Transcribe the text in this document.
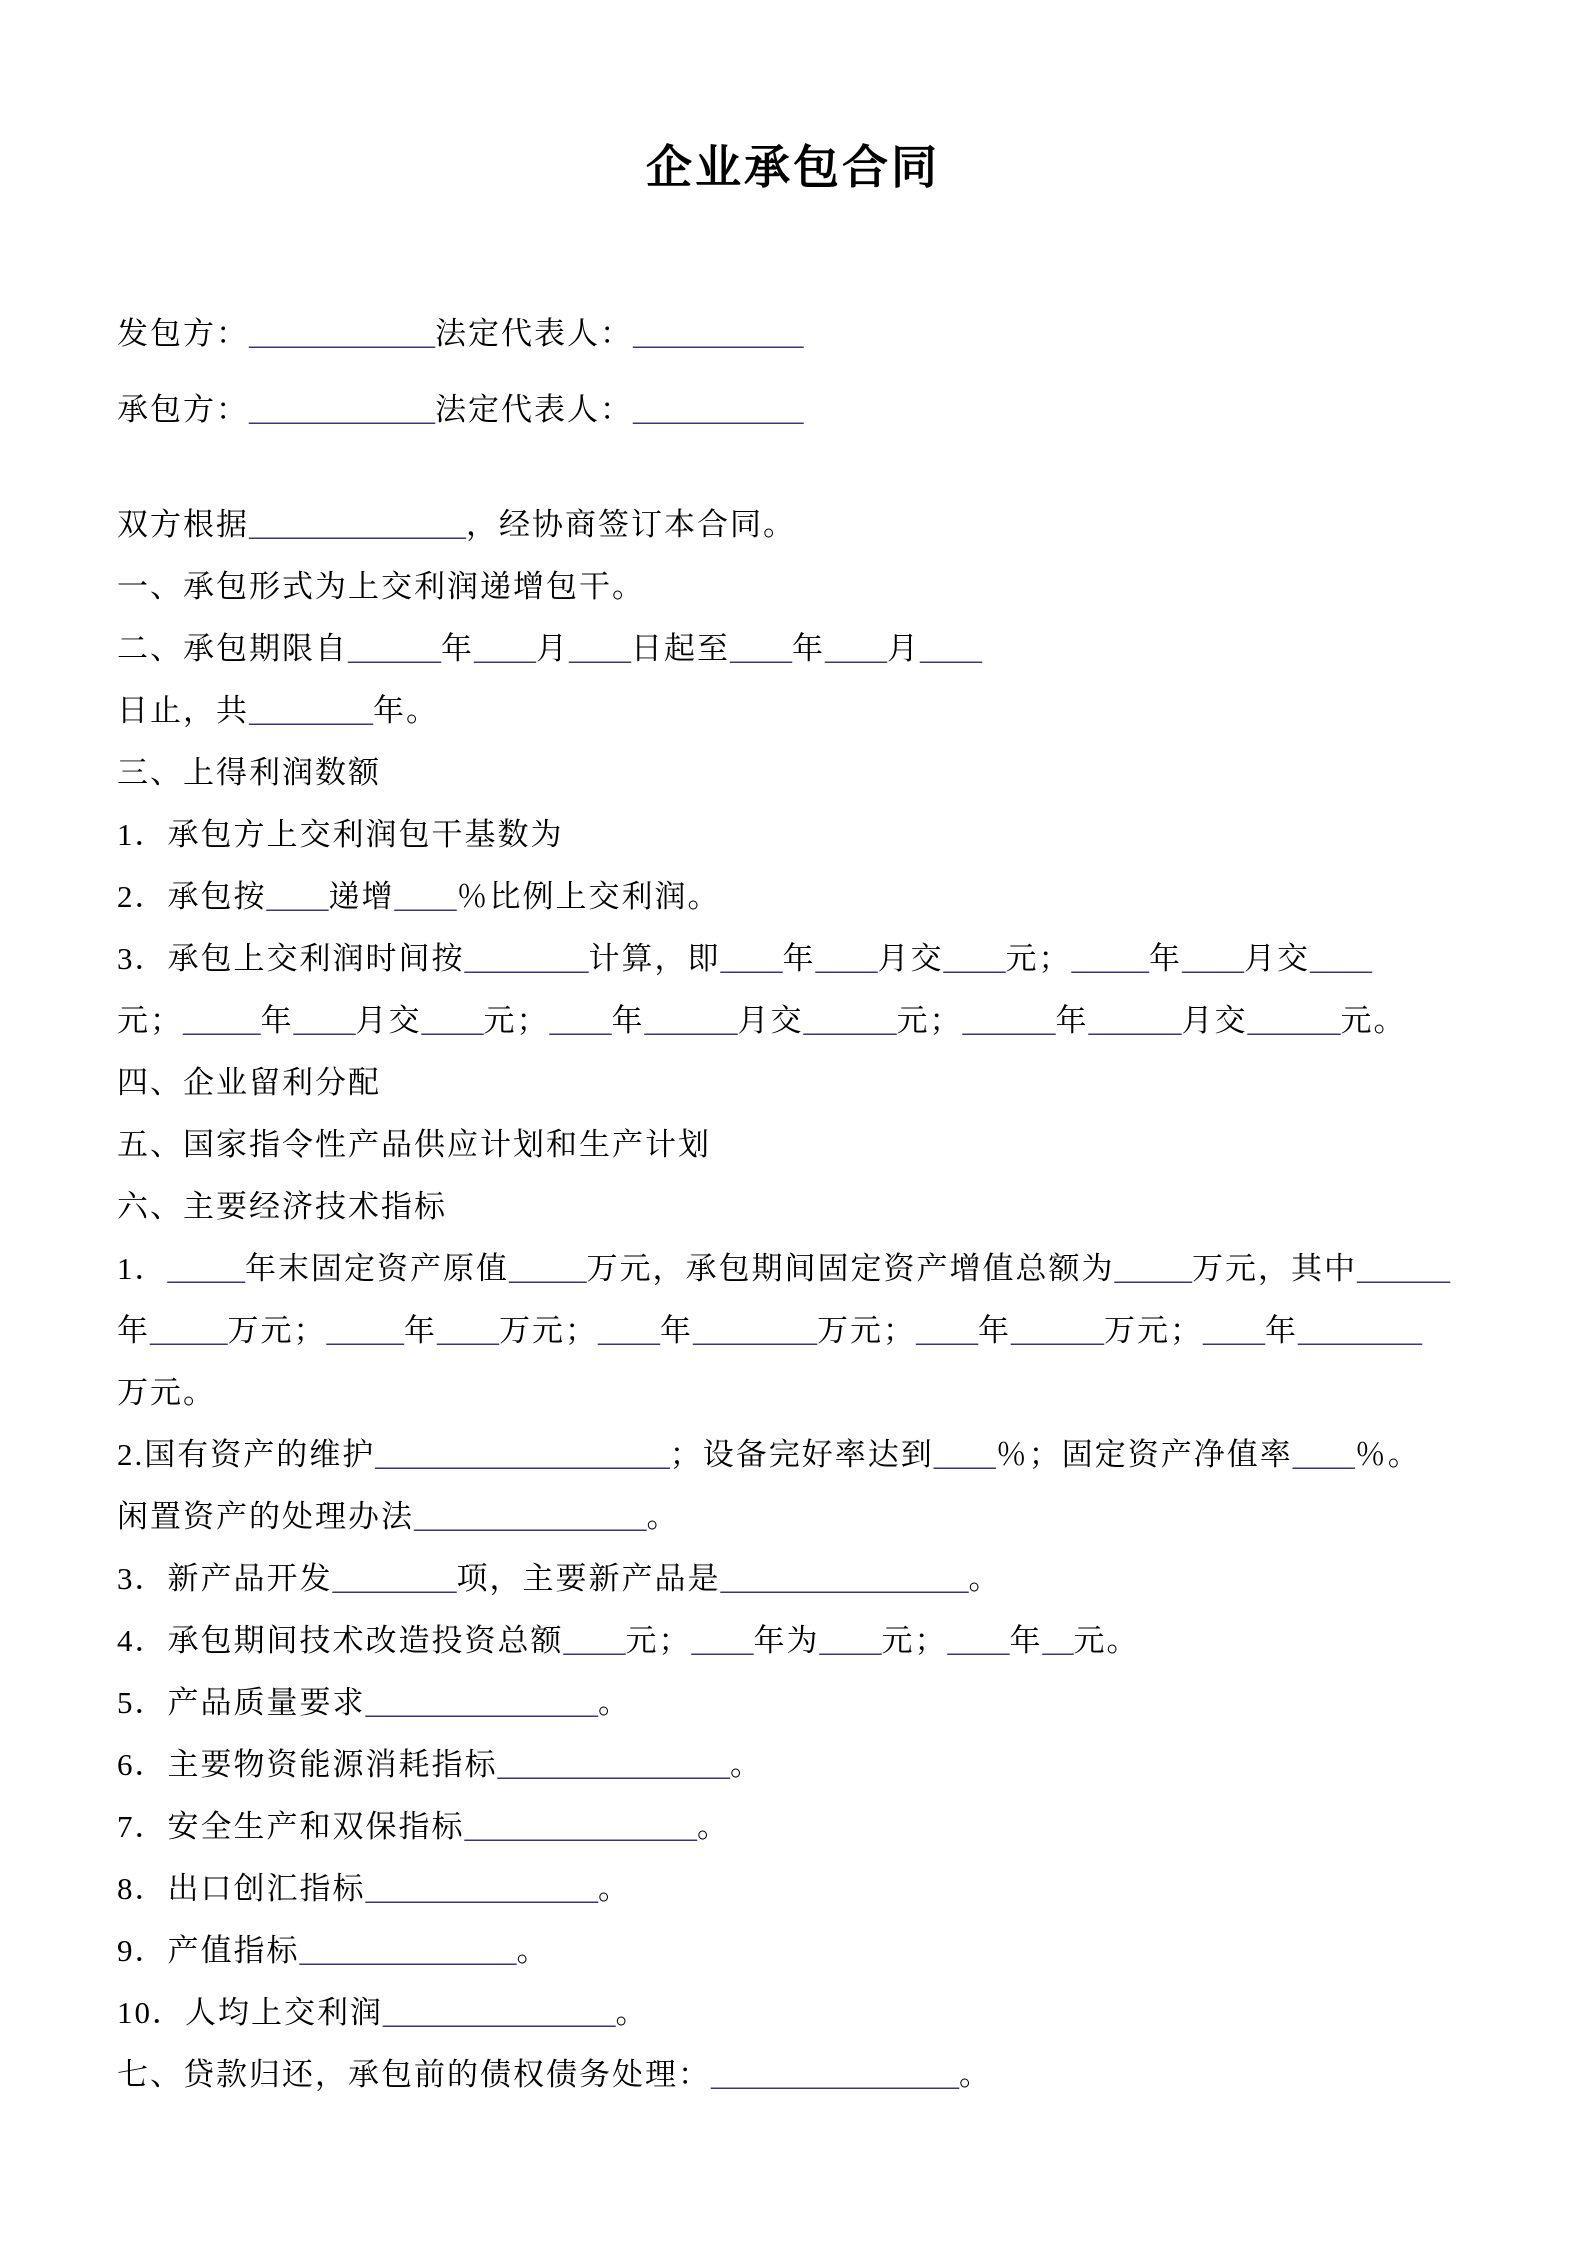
企业承包合同
发包方：____________法定代表人：___________
承包方：____________法定代表人：___________
双方根据______________，经协商签订本合同。
一、承包形式为上交利润递增包干。
二、承包期限自______年____月____日起至____年____月____
日止，共________年。
三、上得利润数额
1．承包方上交利润包干基数为
2．承包按____递增____％比例上交利润。
3．承包上交利润时间按________计算，即____年____月交____元；_____年____月交____
元；_____年____月交____元；____年______月交______元；______年______月交______元。
四、企业留利分配
五、国家指令性产品供应计划和生产计划
六、主要经济技术指标
1．_____年末固定资产原值_____万元，承包期间固定资产增值总额为_____万元，其中______
年_____万元；_____年____万元；____年________万元；____年______万元；____年________
万元。
2.国有资产的维护___________________；设备完好率达到____％；固定资产净值率____％。
闲置资产的处理办法_______________。
3．新产品开发________项，主要新产品是________________。
4．承包期间技术改造投资总额____元；____年为____元；____年__元。
5．产品质量要求_______________。
6．主要物资能源消耗指标_______________。
7．安全生产和双保指标_______________。
8．出口创汇指标_______________。
9．产值指标______________。
10．人均上交利润_______________。
七、贷款归还，承包前的债权债务处理：________________。
